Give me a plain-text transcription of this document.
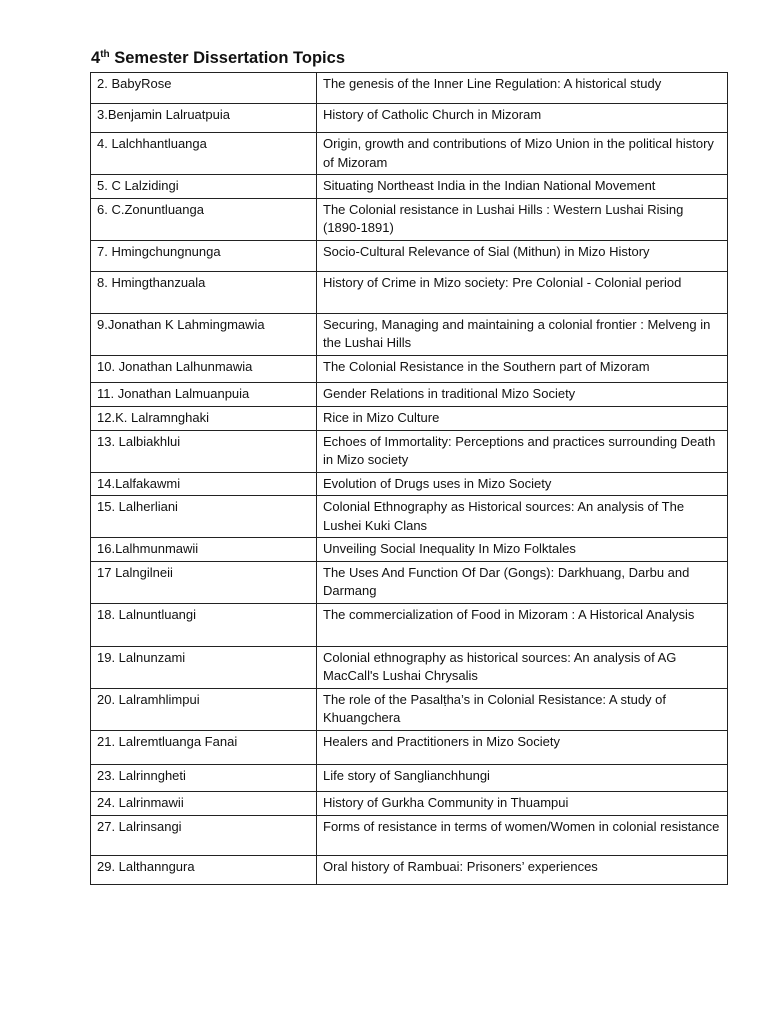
4th Semester Dissertation Topics
2. BabyRose	The genesis of the Inner Line Regulation: A historical study
3.Benjamin Lalruatpuia	History of Catholic Church in Mizoram
4. Lalchhantluanga	Origin, growth and contributions of Mizo Union in the political history of Mizoram
5. C Lalzidingi	Situating Northeast India in the Indian National Movement
6. C.Zonuntluanga	The Colonial resistance in Lushai Hills : Western Lushai Rising (1890-1891)
7. Hmingchungnunga	Socio-Cultural Relevance of Sial (Mithun) in Mizo History
8. Hmingthanzuala	History of Crime in Mizo society: Pre Colonial - Colonial period
9.Jonathan K Lahmingmawia	Securing, Managing and maintaining a colonial frontier : Melveng in the Lushai Hills
10. Jonathan Lalhunmawia	The Colonial Resistance in the Southern part of Mizoram
11. Jonathan Lalmuanpuia	Gender Relations in traditional Mizo Society
12.K. Lalramnghaki	Rice in Mizo Culture
13. Lalbiakhlui	Echoes of Immortality: Perceptions and practices surrounding Death in Mizo society
14.Lalfakawmi	Evolution of Drugs uses in Mizo Society
15. Lalherliani	Colonial Ethnography as Historical sources: An analysis of The Lushei Kuki Clans
16.Lalhmunmawii	Unveiling Social Inequality In Mizo Folktales
17 Lalngilneii	The Uses And Function Of Dar (Gongs): Darkhuang, Darbu and Darmang
18. Lalnuntluangi	The commercialization of Food in Mizoram : A Historical Analysis
19. Lalnunzami	Colonial ethnography as historical sources: An analysis of AG MacCall's Lushai Chrysalis
20. Lalramhlimpui	The role of the Pasalṭha’s in Colonial Resistance: A study of Khuangchera
21. Lalremtluanga Fanai	Healers and Practitioners in Mizo Society
23. Lalrinngheti	Life story of Sanglianchhungi
24. Lalrinmawii	History of Gurkha Community in Thuampui
27. Lalrinsangi	Forms of resistance in terms of women/Women in colonial resistance
29. Lalthanngura	Oral history of Rambuai: Prisoners’ experiences
